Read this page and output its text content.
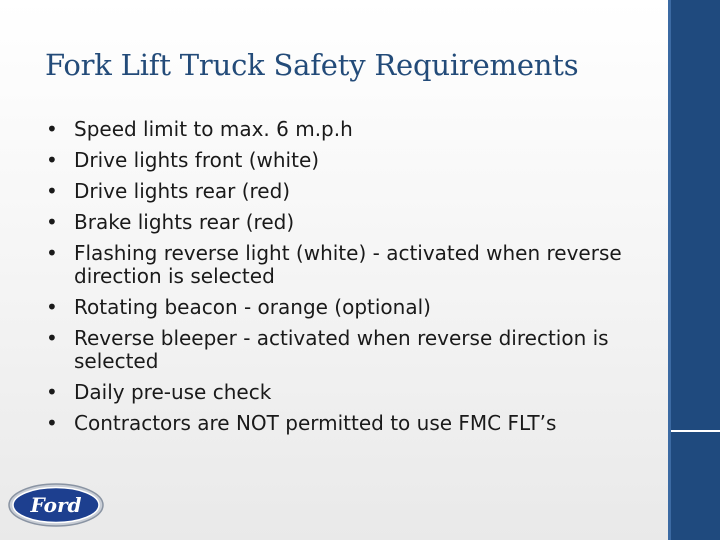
Fork Lift Truck Safety Requirements
• Speed limit to max. 6 m.p.h
• Drive lights front (white)
• Drive lights rear (red)
• Brake lights rear (red)
• Flashing reverse light (white) - activated when reverse direction is selected
• Rotating beacon - orange (optional)
• Reverse bleeper - activated when reverse direction is selected
• Daily pre-use check
• Contractors are NOT permitted to use FMC FLT’s
Ford
